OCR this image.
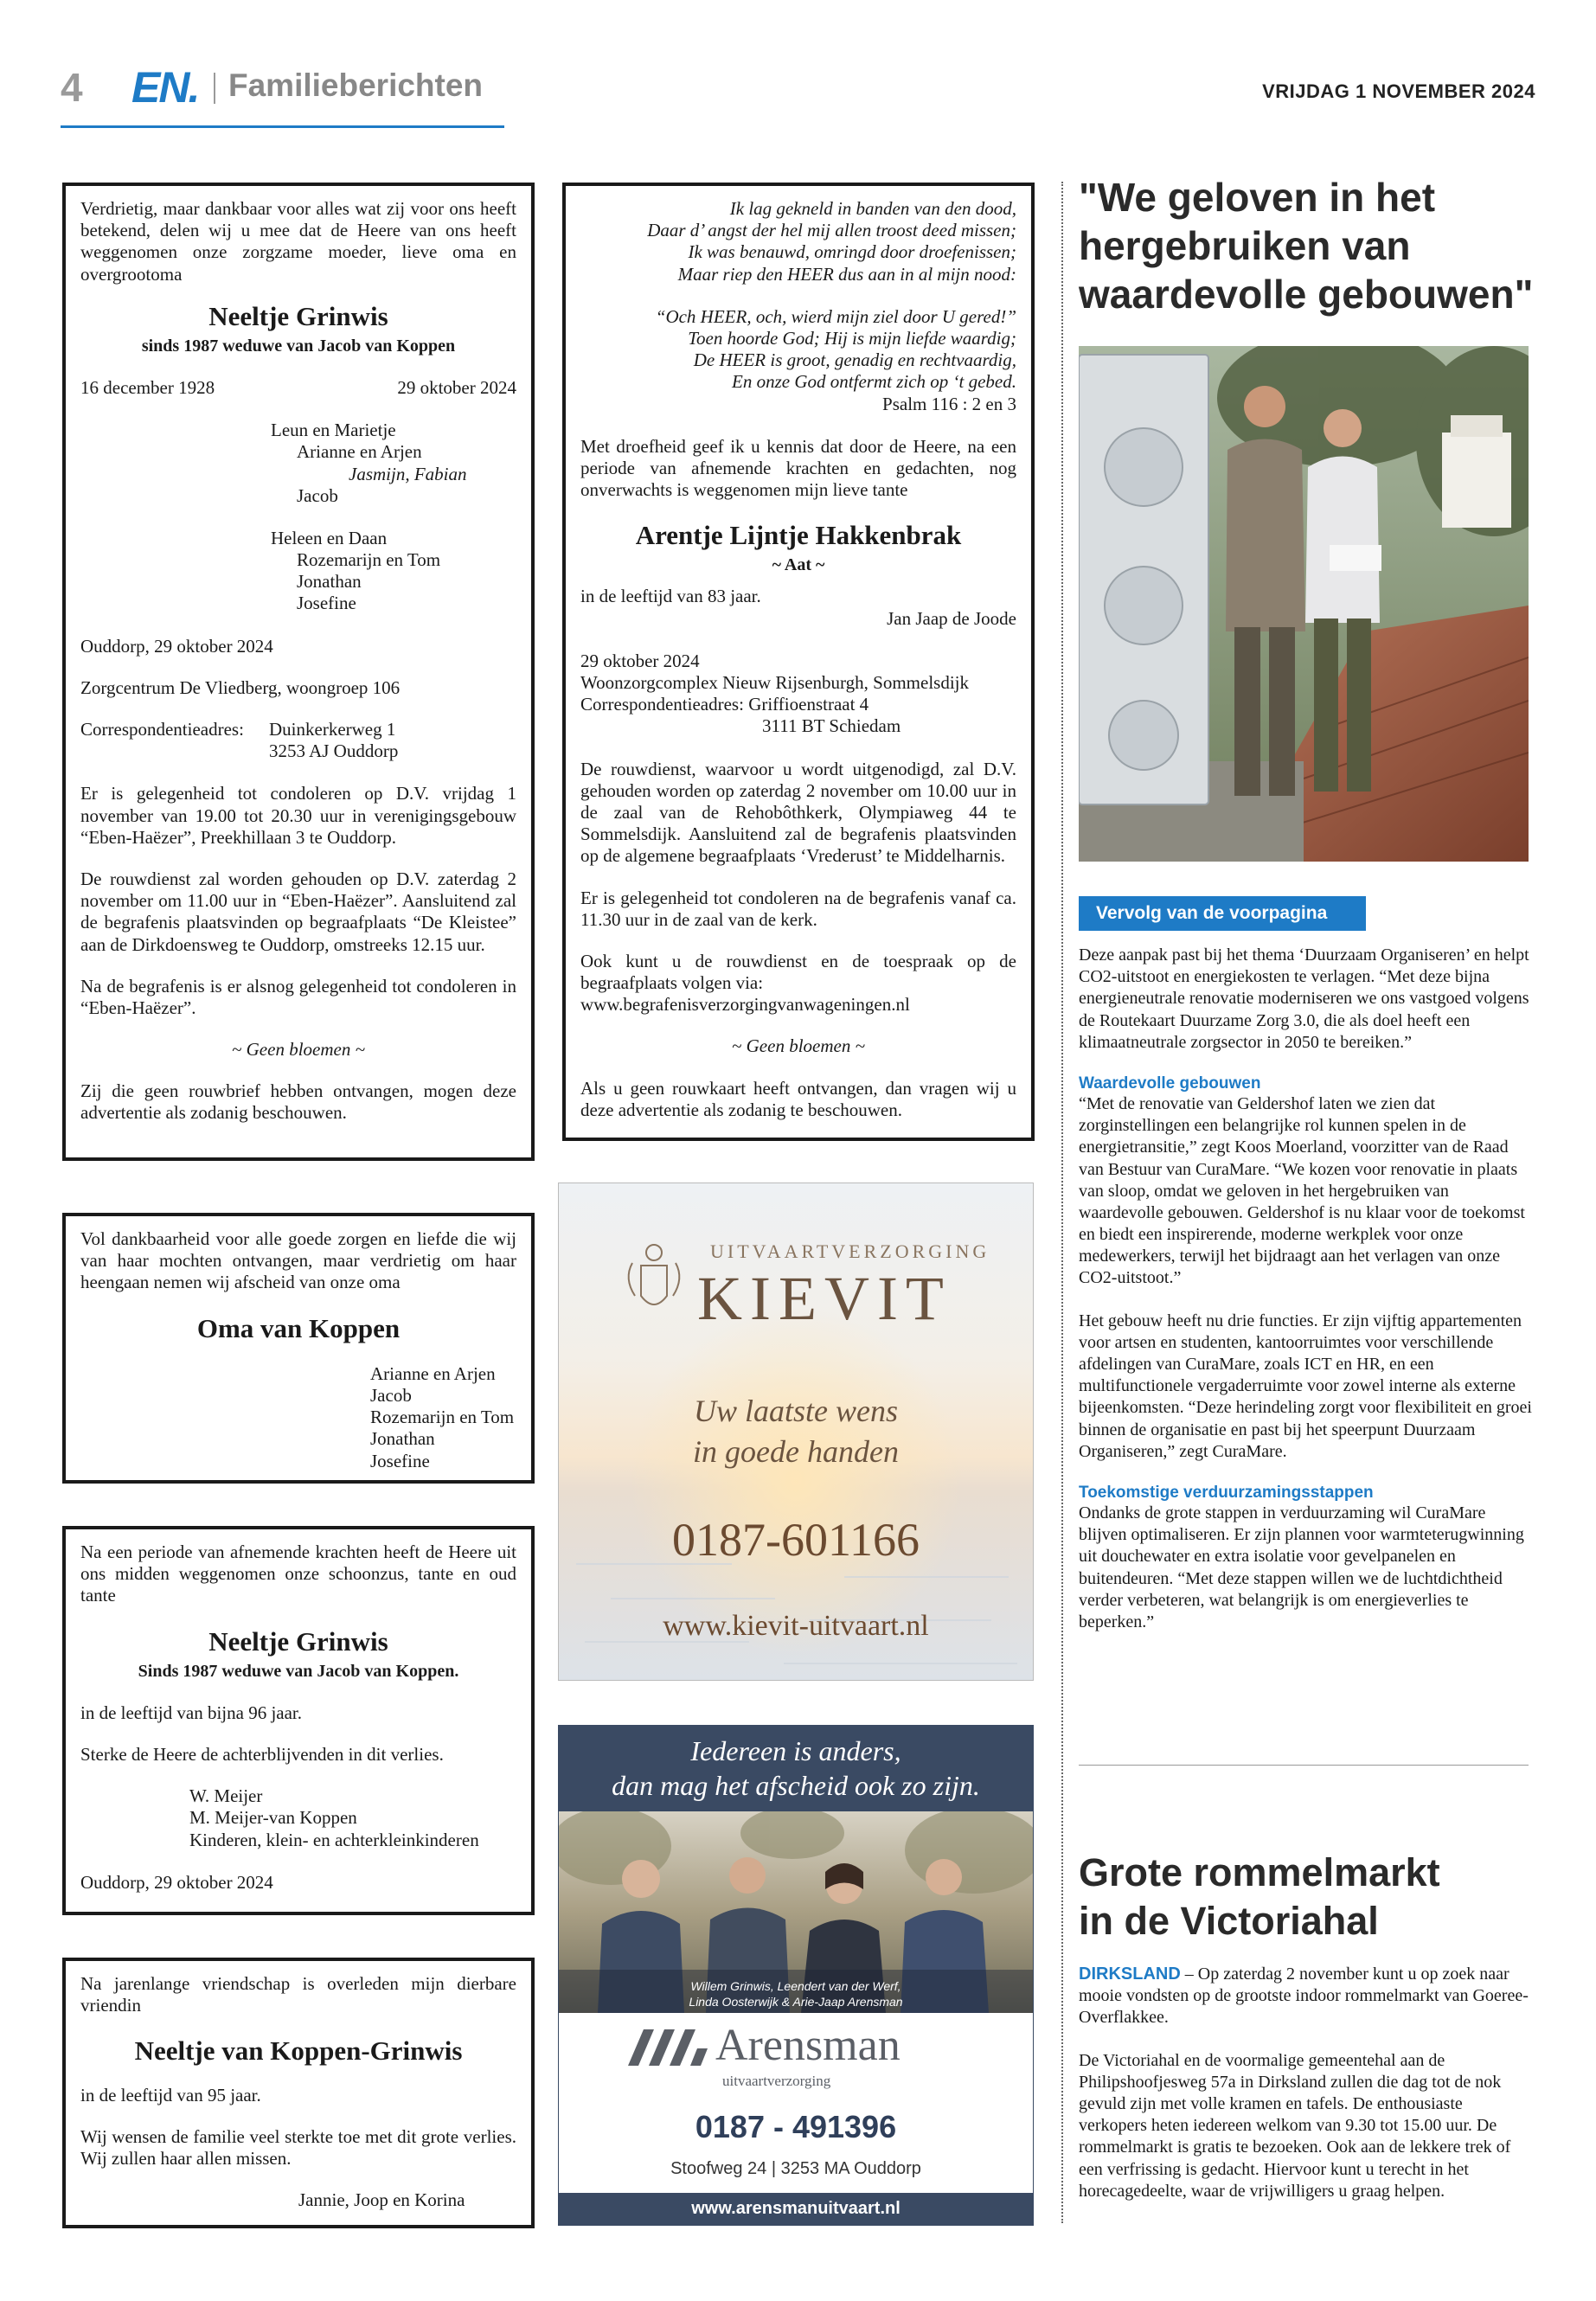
4 EN. Familieberichten	VRIJDAG 1 NOVEMBER 2024

Verdrietig, maar dankbaar voor alles wat zij voor ons heeft betekend, delen wij u mee dat de Heere van ons heeft weggenomen onze zorgzame moeder, lieve oma en overgrootoma

Neeltje Grinwis
sinds 1987 weduwe van Jacob van Koppen
16 december 1928	29 oktober 2024
Leun en Marietje
Arianne en Arjen
Jasmijn, Fabian
Jacob
Heleen en Daan
Rozemarijn en Tom
Jonathan
Josefine

Ouddorp, 29 oktober 2024

Zorgcentrum De Vliedberg, woongroep 106

Correspondentieadres:	Duinkerkerweg 1
3253 AJ Ouddorp

Er is gelegenheid tot condoleren op D.V. vrijdag 1 november van 19.00 tot 20.30 uur in verenigingsgebouw “Eben-Haëzer”, Preekhillaan 3 te Ouddorp.

De rouwdienst zal worden gehouden op D.V. zaterdag 2 november om 11.00 uur in “Eben-Haëzer”. Aansluitend zal de begrafenis plaatsvinden op begraafplaats “De Kleistee” aan de Dirkdoensweg te Ouddorp, omstreeks 12.15 uur.

Na de begrafenis is er alsnog gelegenheid tot condoleren in “Eben-Haëzer”.

~ Geen bloemen ~

Zij die geen rouwbrief hebben ontvangen, mogen deze advertentie als zodanig beschouwen.

Vol dankbaarheid voor alle goede zorgen en liefde die wij van haar mochten ontvangen, maar verdrietig om haar heengaan nemen wij afscheid van onze oma

Oma van Koppen
Arianne en Arjen
Jacob
Rozemarijn en Tom
Jonathan
Josefine

Na een periode van afnemende krachten heeft de Heere uit ons midden weggenomen onze schoonzus, tante en oud tante

Neeltje Grinwis
Sinds 1987 weduwe van Jacob van Koppen.

in de leeftijd van bijna 96 jaar.

Sterke de Heere de achterblijvenden in dit verlies.

W. Meijer
M. Meijer-van Koppen
Kinderen, klein- en achterkleinkinderen

Ouddorp, 29 oktober 2024

Na jarenlange vriendschap is overleden mijn dierbare vriendin

Neeltje van Koppen-Grinwis

in de leeftijd van 95 jaar.

Wij wensen de familie veel sterkte toe met dit grote verlies. Wij zullen haar allen missen.

Jannie, Joop en Korina
Ik lag gekneld in banden van den dood,
Daar d’ angst der hel mij allen troost deed missen;
Ik was benauwd, omringd door droefenissen;
Maar riep den HEER dus aan in al mijn nood:
“Och HEER, och, wierd mijn ziel door U gered!”
Toen hoorde God; Hij is mijn liefde waardig;
De HEER is groot, genadig en rechtvaardig,
En onze God ontfermt zich op ‘t gebed.
Psalm 116 : 2 en 3

Met droefheid geef ik u kennis dat door de Heere, na een periode van afnemende krachten en gedachten, nog onverwachts is weggenomen mijn lieve tante

Arentje Lijntje Hakkenbrak
~ Aat ~
in de leeftijd van 83 jaar.
Jan Jaap de Joode
29 oktober 2024
Woonzorgcomplex Nieuw Rijsenburgh, Sommelsdijk
Correspondentieadres: Griffioenstraat 4
3111 BT Schiedam

De rouwdienst, waarvoor u wordt uitgenodigd, zal D.V. gehouden worden op zaterdag 2 november om 10.00 uur in de zaal van de Rehobôthkerk, Olympiaweg 44 te Sommelsdijk. Aansluitend zal de begrafenis plaatsvinden op de algemene begraafplaats ‘Vrederust’ te Middelharnis.

Er is gelegenheid tot condoleren na de begrafenis vanaf ca. 11.30 uur in de zaal van de kerk.

Ook kunt u de rouwdienst en de toespraak op de begraafplaats volgen via:
www.begrafenisverzorgingvanwageningen.nl

~ Geen bloemen ~

Als u geen rouwkaart heeft ontvangen, dan vragen wij u deze advertentie als zodanig te beschouwen.

UITVAARTVERZORGING
KIEVIT
Uw laatste wens
in goede handen
0187-601166
www.kievit-uitvaart.nl
Iedereen is anders,
dan mag het afscheid ook zo zijn.
Willem Grinwis, Leendert van der Werf,
Linda Oosterwijk & Arie-Jaap Arensman
Arensman
uitvaartverzorging
0187 - 491396
Stoofweg 24 | 3253 MA Ouddorp
www.arensmanuitvaart.nl
"We geloven in het hergebruiken van waardevolle gebouwen"
Vervolg van de voorpagina

Deze aanpak past bij het thema ‘Duurzaam Organiseren’ en helpt CO2-uitstoot en energiekosten te verlagen. “Met deze bijna energieneutrale renovatie moderniseren we ons vastgoed volgens de Routekaart Duurzame Zorg 3.0, die als doel heeft een klimaatneutrale zorgsector in 2050 te bereiken.”

Waardevolle gebouwen

“Met de renovatie van Geldershof laten we zien dat zorginstellingen een belangrijke rol kunnen spelen in de energietransitie,” zegt Koos Moerland, voorzitter van de Raad van Bestuur van CuraMare. “We kozen voor renovatie in plaats van sloop, omdat we geloven in het hergebruiken van waardevolle gebouwen. Geldershof is nu klaar voor de toekomst en biedt een inspirerende, moderne werkplek voor onze medewerkers, terwijl het bijdraagt aan het verlagen van onze CO2-uitstoot.”

Het gebouw heeft nu drie functies. Er zijn vijftig appartementen voor artsen en studenten, kantoorruimtes voor verschillende afdelingen van CuraMare, zoals ICT en HR, en een multifunctionele vergaderruimte voor zowel interne als externe bijeenkomsten. “Deze herindeling zorgt voor flexibiliteit en groei binnen de organisatie en past bij het speerpunt Duurzaam Organiseren,” zegt CuraMare.

Toekomstige verduurzamingsstappen

Ondanks de grote stappen in verduurzaming wil CuraMare blijven optimaliseren. Er zijn plannen voor warmteterugwinning uit douchewater en extra isolatie voor gevelpanelen en buitendeuren. “Met deze stappen willen we de luchtdichtheid verder verbeteren, wat belangrijk is om energieverlies te beperken.”

Grote rommelmarkt
in de Victoriahal

DIRKSLAND – Op zaterdag 2 november kunt u op zoek naar mooie vondsten op de grootste indoor rommelmarkt van Goeree-Overflakkee.

De Victoriahal en de voormalige gemeentehal aan de Philipshoofjesweg 57a in Dirksland zullen die dag tot de nok gevuld zijn met volle kramen en tafels. De enthousiaste verkopers heten iedereen welkom van 9.30 tot 15.00 uur. De rommelmarkt is gratis te bezoeken. Ook aan de lekkere trek of een verfrissing is gedacht. Hiervoor kunt u terecht in het horecagedeelte, waar de vrijwilligers u graag helpen.
